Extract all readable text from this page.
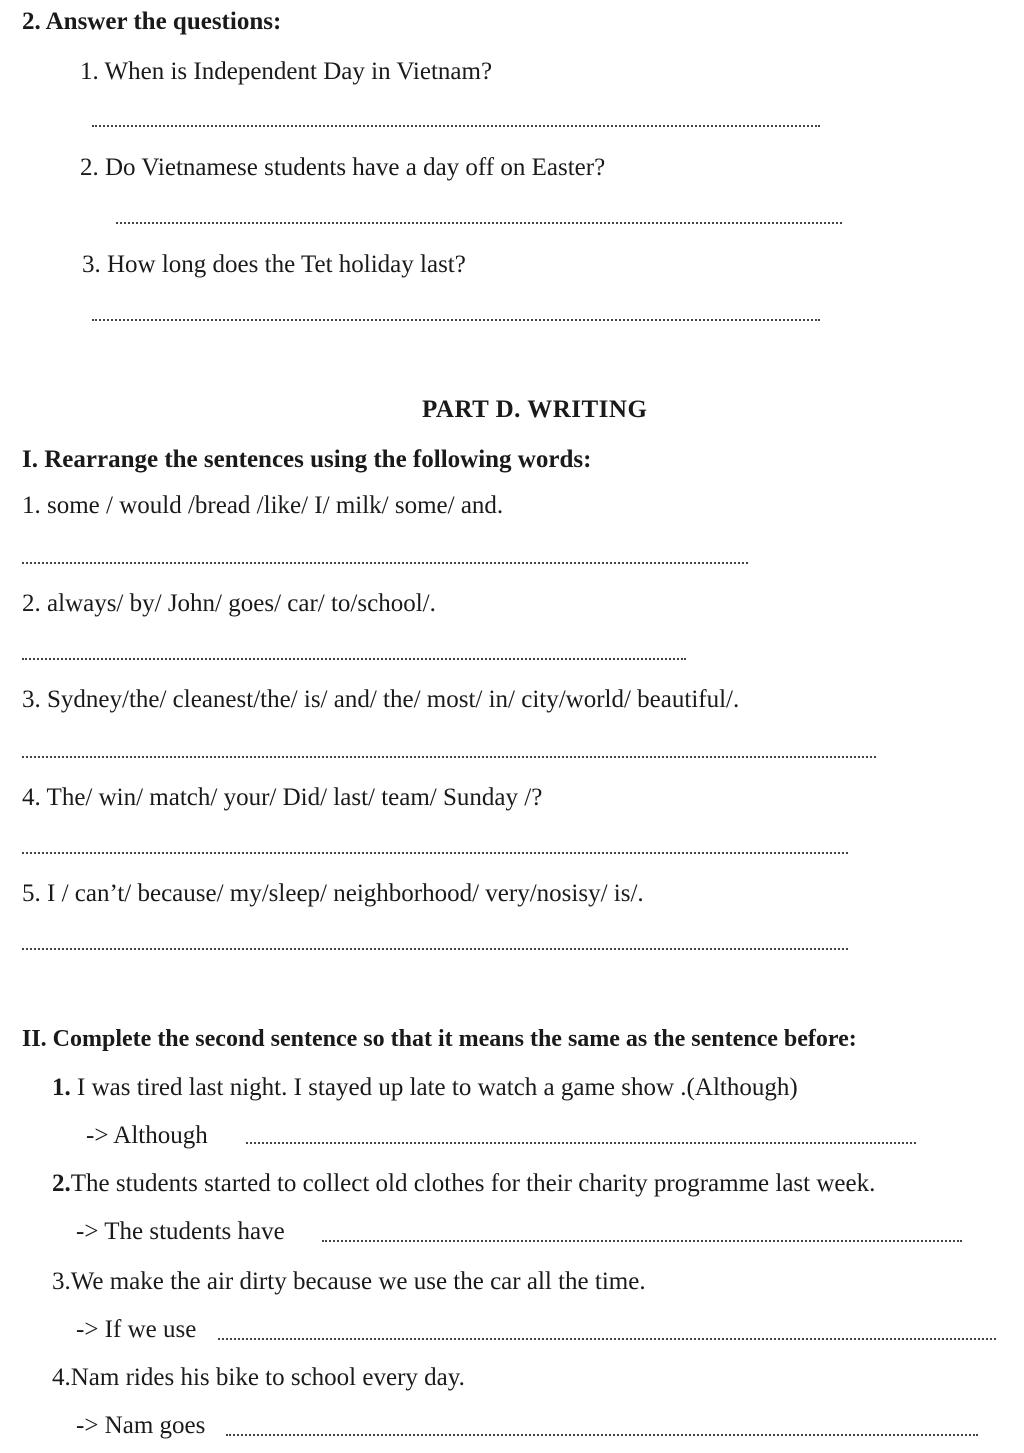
2. Answer the questions:
1. When is Independent Day in Vietnam?
2. Do Vietnamese students have a day off on Easter?
3. How long does the Tet holiday last?
PART D. WRITING
I. Rearrange the sentences using the following words:
1. some / would /bread /like/ I/ milk/ some/ and.
2. always/ by/ John/ goes/ car/ to/school/.
3. Sydney/the/ cleanest/the/ is/ and/ the/ most/ in/ city/world/ beautiful/.
4. The/ win/ match/ your/ Did/ last/ team/ Sunday /?
5. I / can’t/ because/ my/sleep/ neighborhood/ very/nosisy/ is/.
II. Complete the second sentence so that it means the same as the sentence before:
1. I was tired last night. I stayed up late to watch a game show .(Although)
-> Although
2.The students started to collect old clothes for their charity programme last week.
-> The students have
3.We make the air dirty because we use the car all the time.
-> If we use
4.Nam rides his bike to school every day.
-> Nam goes
